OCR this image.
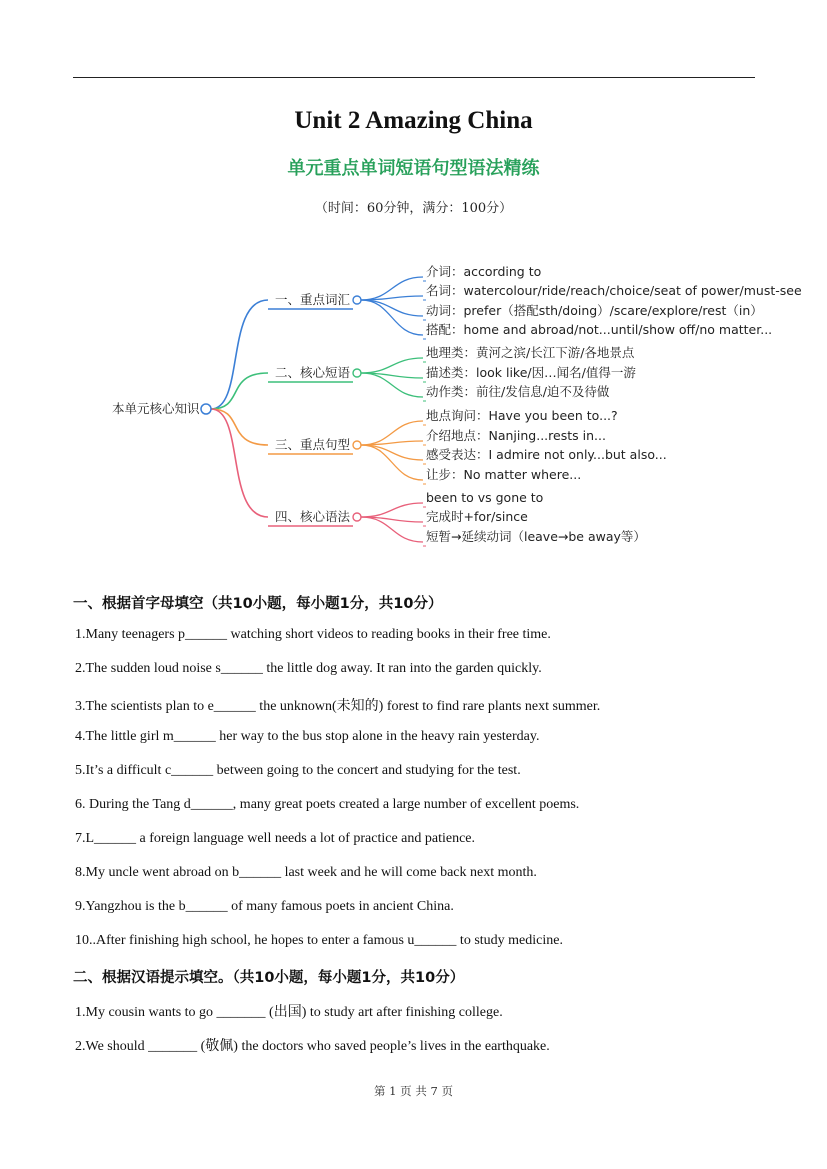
Unit 2 Amazing China
单元重点单词短语句型语法精练
（时间：60分钟，满分：100分）
本单元核心知识
一、重点词汇
介词：according to
名词：watercolour/ride/reach/choice/seat of power/must-see
动词：prefer（搭配sth/doing）/scare/explore/rest（in）
搭配：home and abroad/not...until/show off/no matter...
二、核心短语
地理类：黄河之滨/长江下游/各地景点
描述类：look like/因…闻名/值得一游
动作类：前往/发信息/迫不及待做
三、重点句型
地点询问：Have you been to...?
介绍地点：Nanjing...rests in...
感受表达：I admire not only...but also...
让步：No matter where...
四、核心语法
been to vs gone to
完成时+for/since
短暂→延续动词（leave→be away等）
一、根据首字母填空（共10小题，每小题1分，共10分）
1.Many teenagers p______ watching short videos to reading books in their free time.
2.The sudden loud noise s______ the little dog away. It ran into the garden quickly.
3.The scientists plan to e______ the unknown(未知的) forest to find rare plants next summer.
4.The little girl m______ her way to the bus stop alone in the heavy rain yesterday.
5.It’s a difficult c______ between going to the concert and studying for the test.
6. During the Tang d______, many great poets created a large number of excellent poems.
7.L______ a foreign language well needs a lot of practice and patience.
8.My uncle went abroad on b______ last week and he will come back next month.
9.Yangzhou is the b______ of many famous poets in ancient China.
10..After finishing high school, he hopes to enter a famous u______ to study medicine.
二、根据汉语提示填空。（共10小题，每小题1分，共10分）
1.My cousin wants to go _______ (出国) to study art after finishing college.
2.We should _______ (敬佩) the doctors who saved people’s lives in the earthquake.
第 1 页 共 7 页
